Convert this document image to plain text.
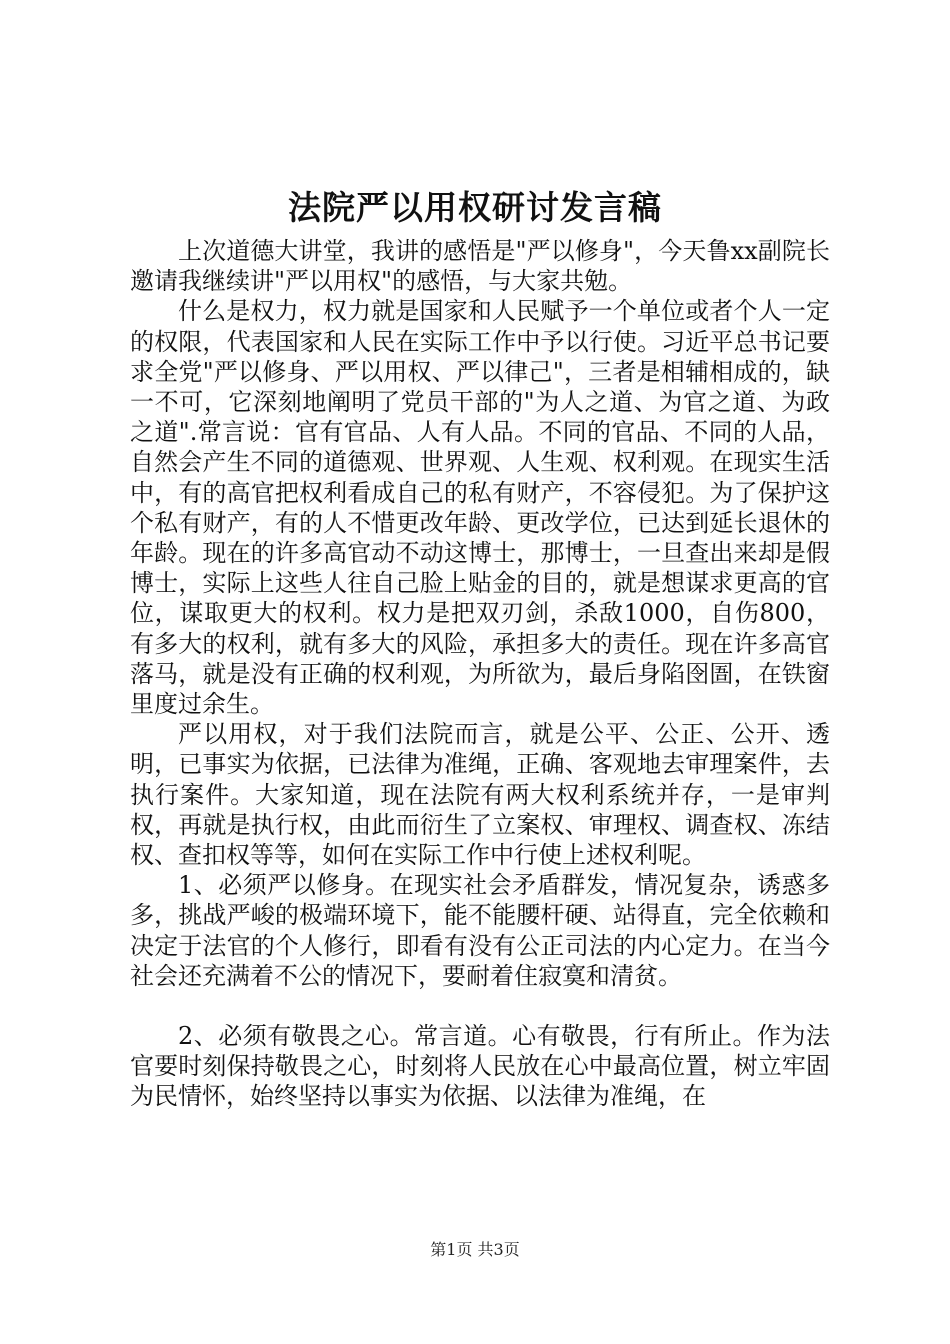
法院严以用权研讨发言稿

上次道德大讲堂，我讲的感悟是"严以修身"，今天鲁xx副院长邀请我继续讲"严以用权"的感悟，与大家共勉。

什么是权力，权力就是国家和人民赋予一个单位或者个人一定的权限，代表国家和人民在实际工作中予以行使。习近平总书记要求全党"严以修身、严以用权、严以律己"，三者是相辅相成的，缺一不可，它深刻地阐明了党员干部的"为人之道、为官之道、为政之道".常言说：官有官品、人有人品。不同的官品、不同的人品，自然会产生不同的道德观、世界观、人生观、权利观。在现实生活中，有的高官把权利看成自己的私有财产，不容侵犯。为了保护这个私有财产，有的人不惜更改年龄、更改学位，已达到延长退休的年龄。现在的许多高官动不动这博士，那博士，一旦查出来却是假博士，实际上这些人往自己脸上贴金的目的，就是想谋求更高的官位，谋取更大的权利。权力是把双刃剑，杀敌1000，自伤800，有多大的权利，就有多大的风险，承担多大的责任。现在许多高官落马，就是没有正确的权利观，为所欲为，最后身陷囹圄，在铁窗里度过余生。

严以用权，对于我们法院而言，就是公平、公正、公开、透明，已事实为依据，已法律为准绳，正确、客观地去审理案件，去执行案件。大家知道，现在法院有两大权利系统并存，一是审判权，再就是执行权，由此而衍生了立案权、审理权、调查权、冻结权、查扣权等等，如何在实际工作中行使上述权利呢。

1、必须严以修身。在现实社会矛盾群发，情况复杂，诱惑多多，挑战严峻的极端环境下，能不能腰杆硬、站得直，完全依赖和决定于法官的个人修行，即看有没有公正司法的内心定力。在当今社会还充满着不公的情况下，要耐着住寂寞和清贫。

2、必须有敬畏之心。常言道。心有敬畏，行有所止。作为法官要时刻保持敬畏之心，时刻将人民放在心中最高位置，树立牢固为民情怀，始终坚持以事实为依据、以法律为准绳，在

第1页 共3页
